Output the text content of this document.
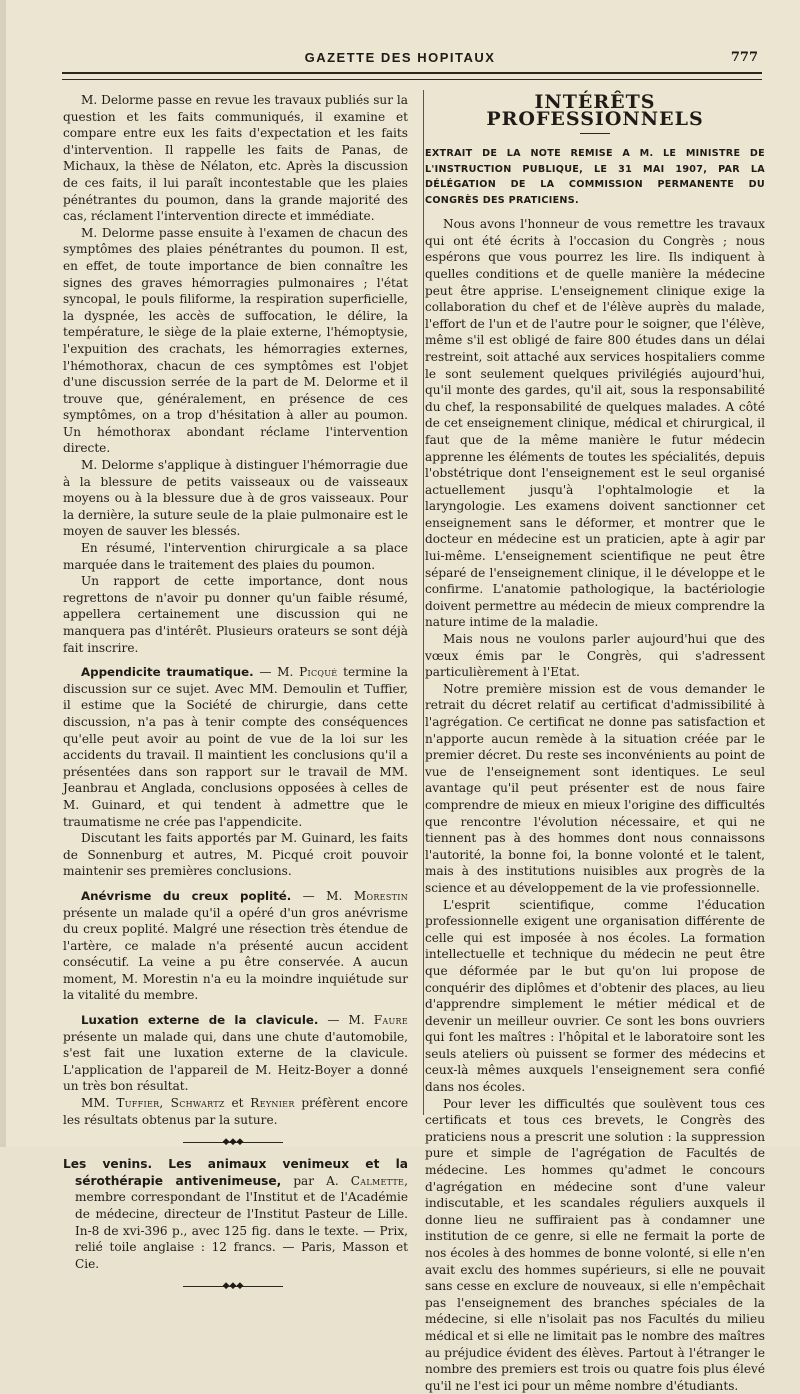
GAZETTE DES HOPITAUX	777

M. Delorme passe en revue les travaux publiés sur la question et les faits communiqués, il examine et compare entre eux les faits d'expectation et les faits d'intervention. Il rappelle les faits de Panas, de Michaux, la thèse de Nélaton, etc. Après la discussion de ces faits, il lui paraît incontestable que les plaies pénétrantes du poumon, dans la grande majorité des cas, réclament l'intervention directe et immédiate.

M. Delorme passe ensuite à l'examen de chacun des symptômes des plaies pénétrantes du poumon. Il est, en effet, de toute importance de bien connaître les signes des graves hémorragies pulmonaires ; l'état syncopal, le pouls filiforme, la respiration superficielle, la dyspnée, les accès de suffocation, le délire, la température, le siège de la plaie externe, l'hémoptysie, l'expuition des crachats, les hémorragies externes, l'hémothorax, chacun de ces symptômes est l'objet d'une discussion serrée de la part de M. Delorme et il trouve que, généralement, en présence de ces symptômes, on a trop d'hésitation à aller au poumon. Un hémothorax abondant réclame l'intervention directe.

M. Delorme s'applique à distinguer l'hémorragie due à la blessure de petits vaisseaux ou de vaisseaux moyens ou à la blessure due à de gros vaisseaux. Pour la dernière, la suture seule de la plaie pulmonaire est le moyen de sauver les blessés.

En résumé, l'intervention chirurgicale a sa place marquée dans le traitement des plaies du poumon.

Un rapport de cette importance, dont nous regrettons de n'avoir pu donner qu'un faible résumé, appellera certainement une discussion qui ne manquera pas d'intérêt. Plusieurs orateurs se sont déjà fait inscrire.

Appendicite traumatique. — M. Picqué termine la discussion sur ce sujet. Avec MM. Demoulin et Tuffier, il estime que la Société de chirurgie, dans cette discussion, n'a pas à tenir compte des conséquences qu'elle peut avoir au point de vue de la loi sur les accidents du travail. Il maintient les conclusions qu'il a présentées dans son rapport sur le travail de MM. Jeanbrau et Anglada, conclusions opposées à celles de M. Guinard, et qui tendent à admettre que le traumatisme ne crée pas l'appendicite.

Discutant les faits apportés par M. Guinard, les faits de Sonnenburg et autres, M. Picqué croit pouvoir maintenir ses premières conclusions.

Anévrisme du creux poplité. — M. Morestin présente un malade qu'il a opéré d'un gros anévrisme du creux poplité. Malgré une résection très étendue de l'artère, ce malade n'a présenté aucun accident consécutif. La veine a pu être conservée. A aucun moment, M. Morestin n'a eu la moindre inquiétude sur la vitalité du membre.

Luxation externe de la clavicule. — M. Faure présente un malade qui, dans une chute d'automobile, s'est fait une luxation externe de la clavicule. L'application de l'appareil de M. Heitz-Boyer a donné un très bon résultat.

MM. Tuffier, Schwartz et Reynier préfèrent encore les résultats obtenus par la suture.

◆◆◆

Les venins. Les animaux venimeux et la sérothérapie antivenimeuse, par A. Calmette, membre correspondant de l'Institut et de l'Académie de médecine, directeur de l'Institut Pasteur de Lille. In-8 de xvi-396 p., avec 125 fig. dans le texte. — Prix, relié toile anglaise : 12 francs. — Paris, Masson et Cie.

◆◆◆
INTÉRÊTS PROFESSIONNELS
EXTRAIT DE LA NOTE REMISE A M. LE MINISTRE DE L'INSTRUCTION PUBLIQUE, LE 31 MAI 1907, PAR LA DÉLÉGATION DE LA COMMISSION PERMANENTE DU CONGRÈS DES PRATICIENS.

Nous avons l'honneur de vous remettre les travaux qui ont été écrits à l'occasion du Congrès ; nous espérons que vous pourrez les lire. Ils indiquent à quelles conditions et de quelle manière la médecine peut être apprise. L'enseignement clinique exige la collaboration du chef et de l'élève auprès du malade, l'effort de l'un et de l'autre pour le soigner, que l'élève, même s'il est obligé de faire 800 études dans un délai restreint, soit attaché aux services hospitaliers comme le sont seulement quelques privilégiés aujourd'hui, qu'il monte des gardes, qu'il ait, sous la responsabilité du chef, la responsabilité de quelques malades. A côté de cet enseignement clinique, médical et chirurgical, il faut que de la même manière le futur médecin apprenne les éléments de toutes les spécialités, depuis l'obstétrique dont l'enseignement est le seul organisé actuellement jusqu'à l'ophtalmologie et la laryngologie. Les examens doivent sanctionner cet enseignement sans le déformer, et montrer que le docteur en médecine est un praticien, apte à agir par lui-même. L'enseignement scientifique ne peut être séparé de l'enseignement clinique, il le développe et le confirme. L'anatomie pathologique, la bactériologie doivent permettre au médecin de mieux comprendre la nature intime de la maladie.

Mais nous ne voulons parler aujourd'hui que des vœux émis par le Congrès, qui s'adressent particulièrement à l'Etat.

Notre première mission est de vous demander le retrait du décret relatif au certificat d'admissibilité à l'agrégation. Ce certificat ne donne pas satisfaction et n'apporte aucun remède à la situation créée par le premier décret. Du reste ses inconvénients au point de vue de l'enseignement sont identiques. Le seul avantage qu'il peut présenter est de nous faire comprendre de mieux en mieux l'origine des difficultés que rencontre l'évolution nécessaire, et qui ne tiennent pas à des hommes dont nous connaissons l'autorité, la bonne foi, la bonne volonté et le talent, mais à des institutions nuisibles aux progrès de la science et au développement de la vie professionnelle.

L'esprit scientifique, comme l'éducation professionnelle exigent une organisation différente de celle qui est imposée à nos écoles. La formation intellectuelle et technique du médecin ne peut être que déformée par le but qu'on lui propose de conquérir des diplômes et d'obtenir des places, au lieu d'apprendre simplement le métier médical et de devenir un meilleur ouvrier. Ce sont les bons ouvriers qui font les maîtres : l'hôpital et le laboratoire sont les seuls ateliers où puissent se former des médecins et ceux-là mêmes auxquels l'enseignement sera confié dans nos écoles.

Pour lever les difficultés que soulèvent tous ces certificats et tous ces brevets, le Congrès des praticiens nous a prescrit une solution : la suppression pure et simple de l'agrégation de Facultés de médecine. Les hommes qu'admet le concours d'agrégation en médecine sont d'une valeur indiscutable, et les scandales réguliers auxquels il donne lieu ne suffiraient pas à condamner une institution de ce genre, si elle ne fermait la porte de nos écoles à des hommes de bonne volonté, si elle n'en avait exclu des hommes supérieurs, si elle ne pouvait sans cesse en exclure de nouveaux, si elle n'empêchait pas l'enseignement des branches spéciales de la médecine, si elle n'isolait pas nos Facultés du milieu médical et si elle ne limitait pas le nombre des maîtres au préjudice évident des élèves. Partout à l'étranger le nombre des premiers est trois ou quatre fois plus élevé qu'il ne l'est ici pour un même nombre d'étudiants.
